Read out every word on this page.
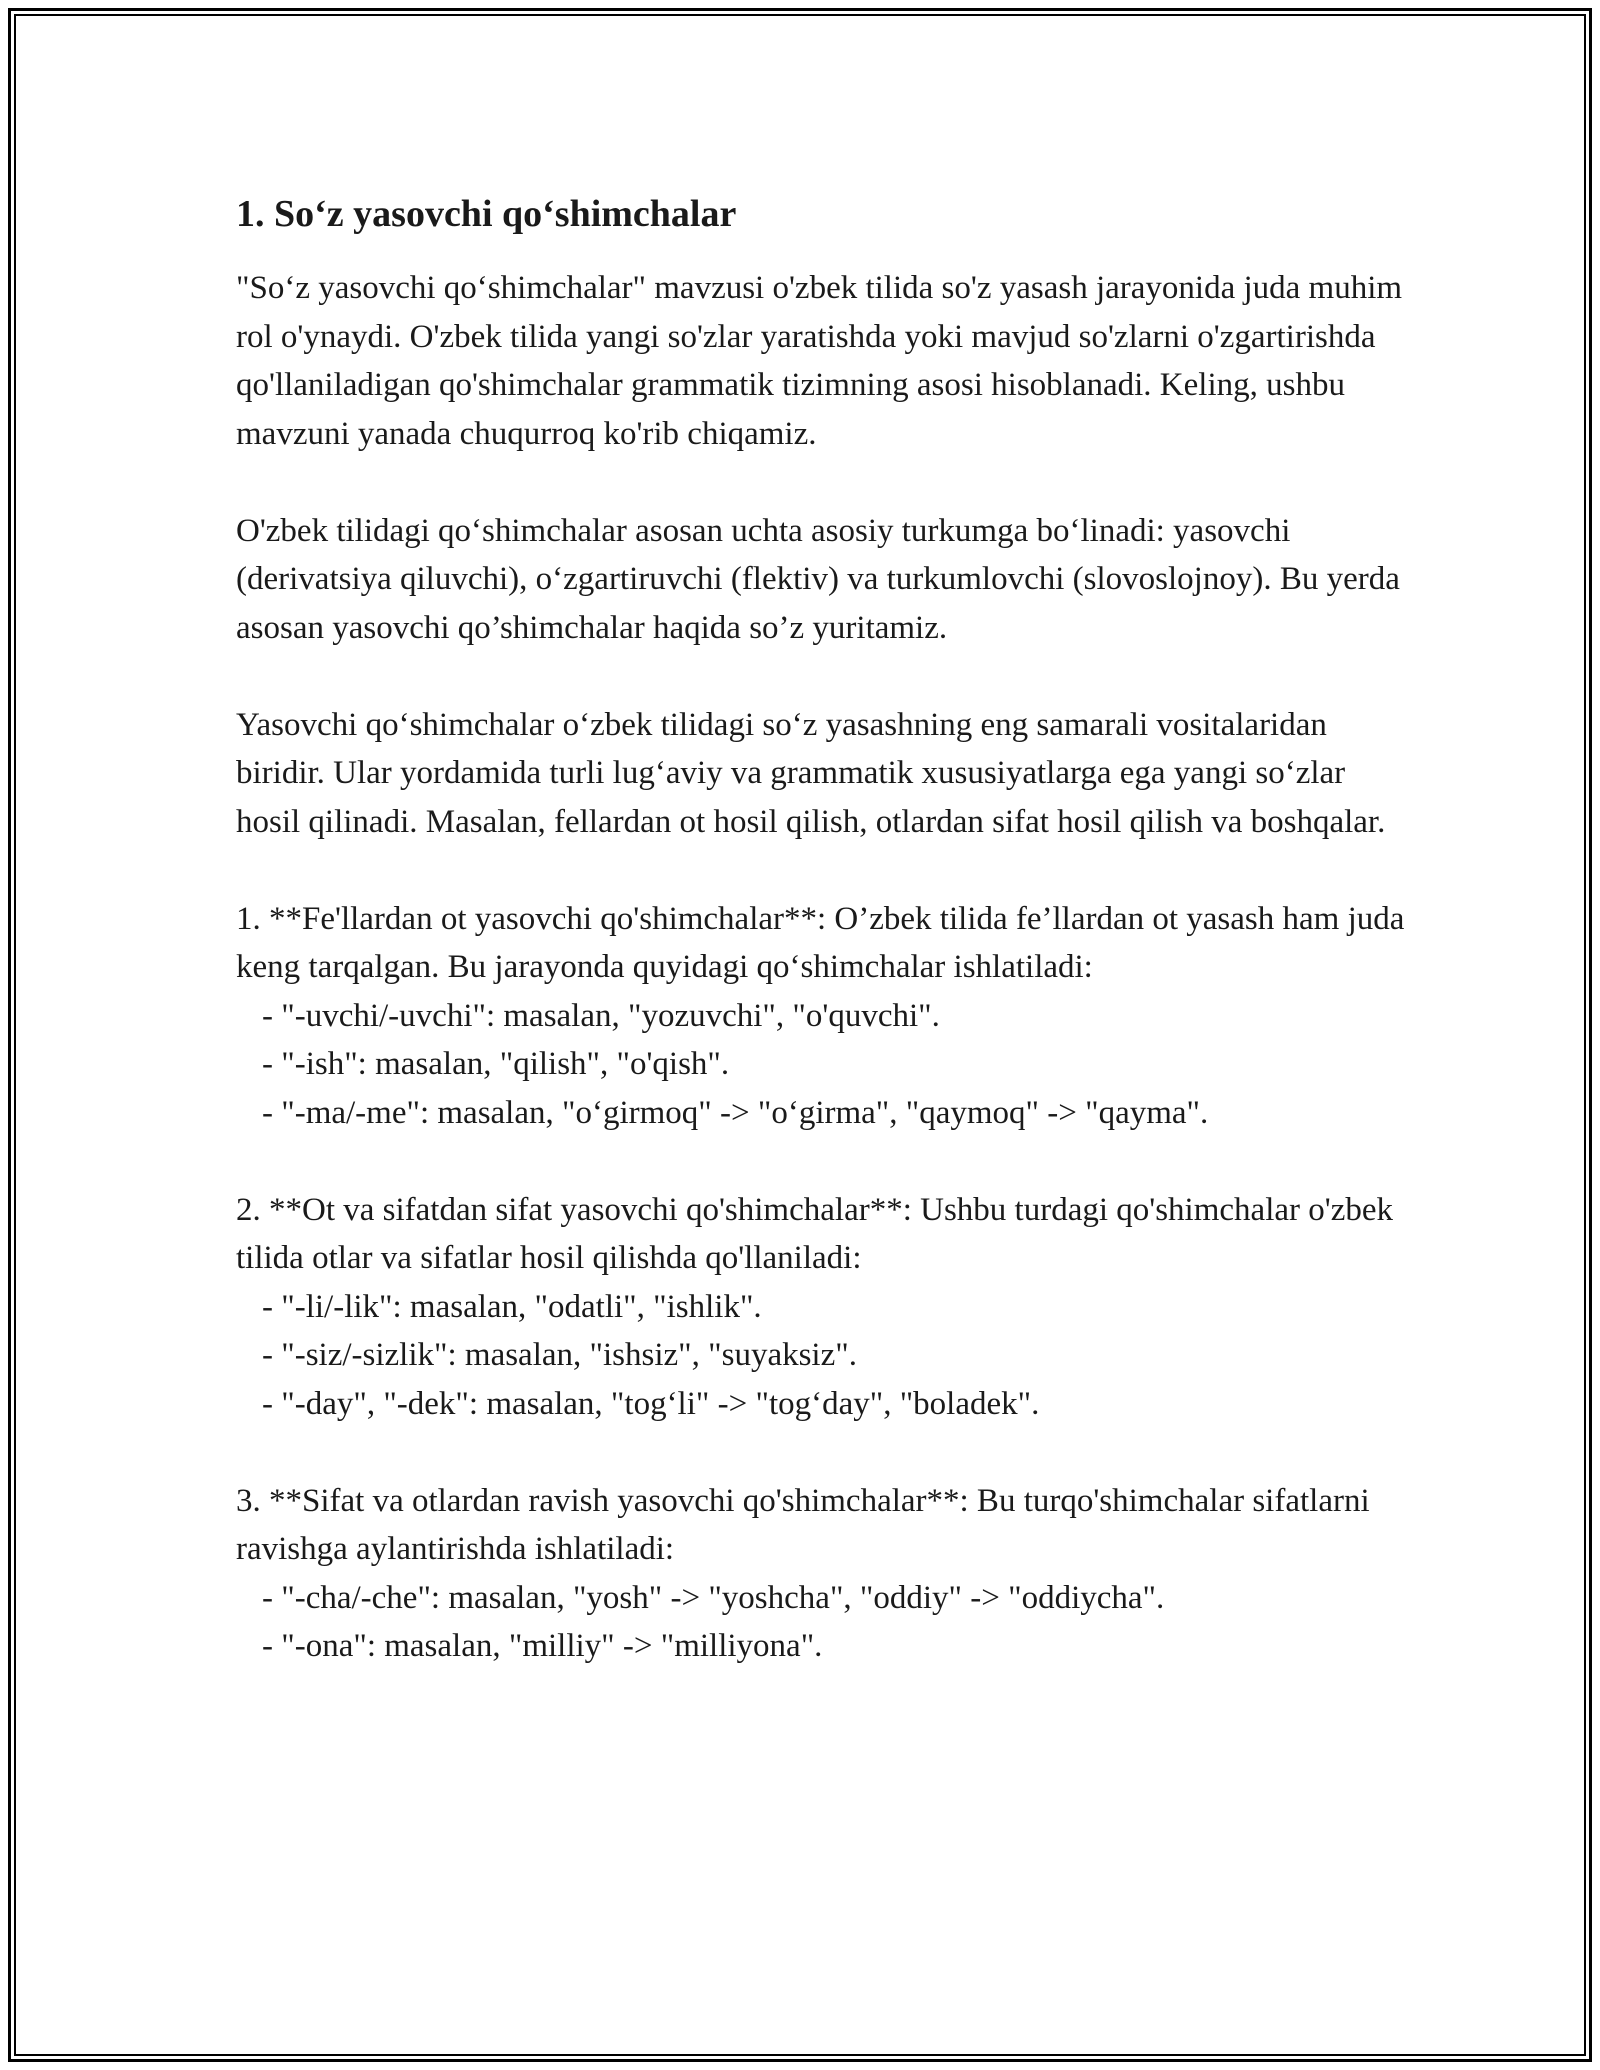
1. So‘z yasovchi qo‘shimchalar

"So‘z yasovchi qo‘shimchalar" mavzusi o'zbek tilida so'z yasash jarayonida juda muhim rol o'ynaydi. O'zbek tilida yangi so'zlar yaratishda yoki mavjud so'zlarni o'zgartirishda qo'llaniladigan qo'shimchalar grammatik tizimning asosi hisoblanadi. Keling, ushbu mavzuni yanada chuqurroq ko'rib chiqamiz.

O'zbek tilidagi qo‘shimchalar asosan uchta asosiy turkumga bo‘linadi: yasovchi (derivatsiya qiluvchi), o‘zgartiruvchi (flektiv) va turkumlovchi (slovoslojnoy). Bu yerda asosan yasovchi qo’shimchalar haqida so’z yuritamiz.

Yasovchi qo‘shimchalar o‘zbek tilidagi so‘z yasashning eng samarali vositalaridan biridir. Ular yordamida turli lug‘aviy va grammatik xususiyatlarga ega yangi so‘zlar hosil qilinadi. Masalan, fellardan ot hosil qilish, otlardan sifat hosil qilish va boshqalar.

1. **Fe'llardan ot yasovchi qo'shimchalar**: O’zbek tilida fe’llardan ot yasash ham juda keng tarqalgan. Bu jarayonda quyidagi qo‘shimchalar ishlatiladi:

- "-uvchi/-uvchi": masalan, "yozuvchi", "o'quvchi".

- "-ish": masalan, "qilish", "o'qish".

- "-ma/-me": masalan, "o‘girmoq" -> "o‘girma", "qaymoq" -> "qayma".

2. **Ot va sifatdan sifat yasovchi qo'shimchalar**: Ushbu turdagi qo'shimchalar o'zbek tilida otlar va sifatlar hosil qilishda qo'llaniladi:

- "-li/-lik": masalan, "odatli", "ishlik".

- "-siz/-sizlik": masalan, "ishsiz", "suyaksiz".

- "-day", "-dek": masalan, "tog‘li" -> "tog‘day", "boladek".

3. **Sifat va otlardan ravish yasovchi qo'shimchalar**: Bu turqo'shimchalar sifatlarni ravishga aylantirishda ishlatiladi:

- "-cha/-che": masalan, "yosh" -> "yoshcha", "oddiy" -> "oddiycha".

- "-ona": masalan, "milliy" -> "milliyona".
